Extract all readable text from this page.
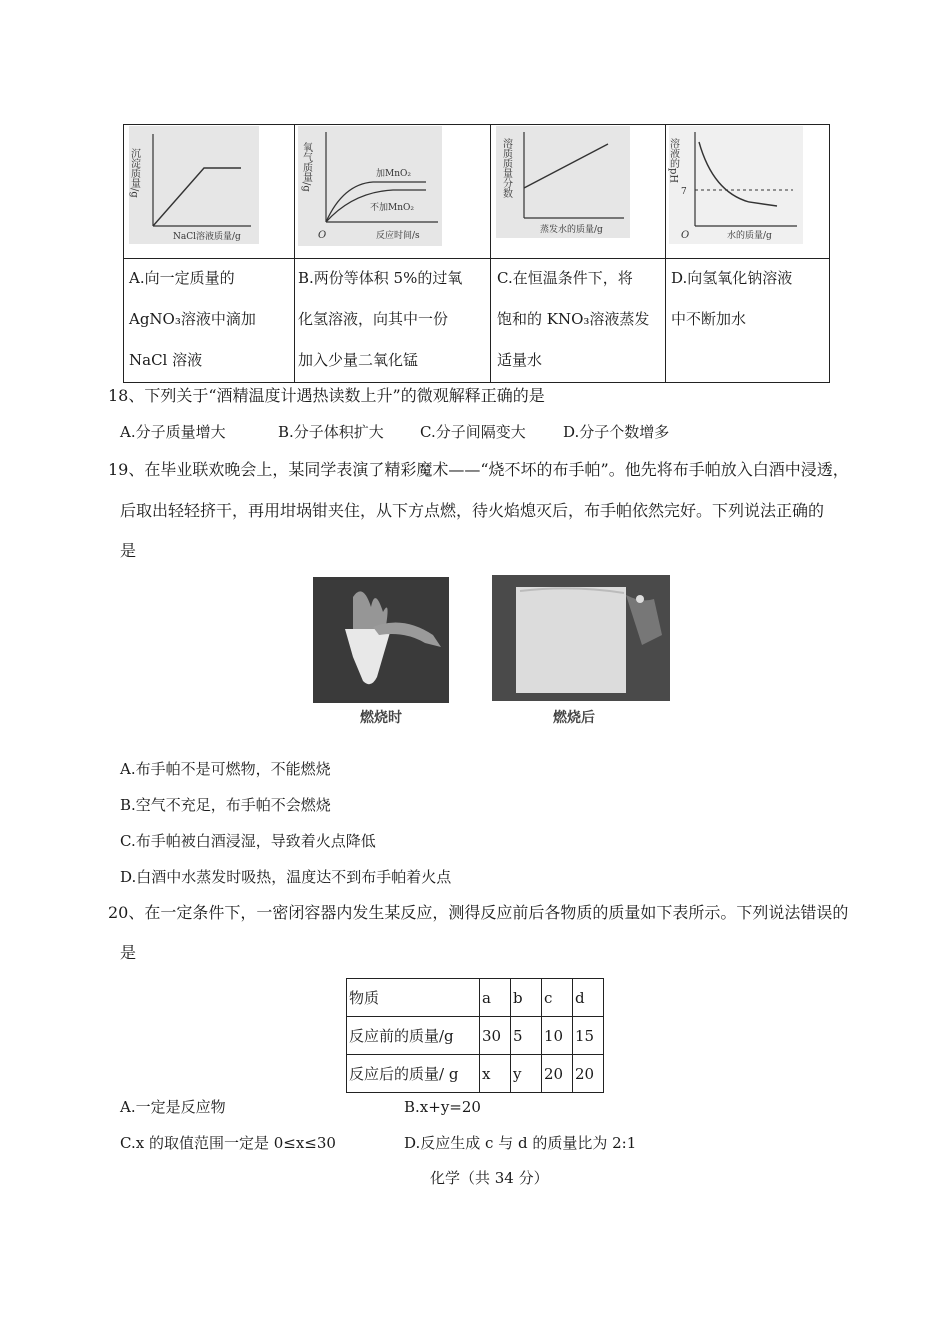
沉淀质量/g
NaCl溶液质量/g
氧气质量/g	加MnO₂
不加MnO₂
O	反应时间/s
溶质质量分数
蒸发水的质量/g
溶液的pH
7
O	水的质量/g
A.向一定质量的
AgNO₃溶液中滴加
NaCl 溶液
B.两份等体积 5%的过氧
化氢溶液，向其中一份
加入少量二氧化锰
C.在恒温条件下，将
饱和的 KNO₃溶液蒸发
适量水
D.向氢氧化钠溶液
中不断加水
18、下列关于“酒精温度计遇热读数上升”的微观解释正确的是
A.分子质量增大	B.分子体积扩大 C.分子间隔变大 D.分子个数增多
19、在毕业联欢晚会上，某同学表演了精彩魔术——“烧不坏的布手帕”。他先将布手帕放入白酒中浸透，
后取出轻轻挤干，再用坩埚钳夹住，从下方点燃，待火焰熄灭后，布手帕依然完好。下列说法正确的
是
燃烧时	燃烧后
A.布手帕不是可燃物，不能燃烧
B.空气不充足，布手帕不会燃烧
C.布手帕被白酒浸湿，导致着火点降低
D.白酒中水蒸发时吸热，温度达不到布手帕着火点
20、在一定条件下，一密闭容器内发生某反应，测得反应前后各物质的质量如下表所示。下列说法错误的
是
物质	a	b	c	d
反应前的质量/g	30	5	10	15
反应后的质量/ g	x	y	20	20
A.一定是反应物	B.x+y=20
C.x 的取值范围一定是 0≤x≤30	D.反应生成 c 与 d 的质量比为 2:1
化学（共 34 分）
